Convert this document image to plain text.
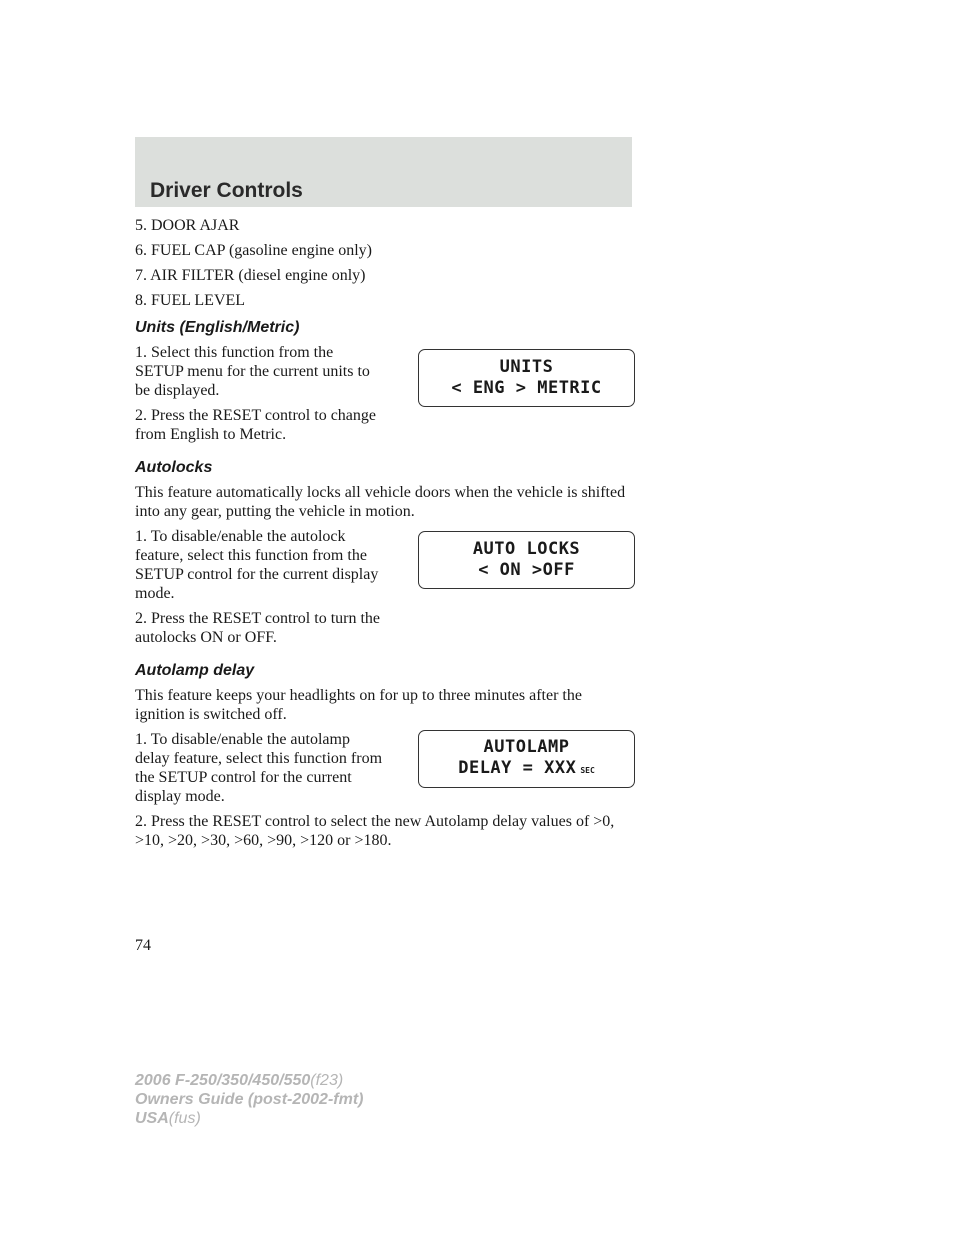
Driver Controls

5. DOOR AJAR

6. FUEL CAP (gasoline engine only)

7. AIR FILTER (diesel engine only)

8. FUEL LEVEL

Units (English/Metric)

1. Select this function from the SETUP menu for the current units to be displayed.

2. Press the RESET control to change from English to Metric.

UNITS
< ENG > METRIC

Autolocks

This feature automatically locks all vehicle doors when the vehicle is shifted into any gear, putting the vehicle in motion.

1. To disable/enable the autolock feature, select this function from the SETUP control for the current display mode.

2. Press the RESET control to turn the autolocks ON or OFF.

AUTO LOCKS
< ON >OFF

Autolamp delay

This feature keeps your headlights on for up to three minutes after the ignition is switched off.

1. To disable/enable the autolamp delay feature, select this function from the SETUP control for the current display mode.

AUTOLAMP
DELAY = XXX SEC

2. Press the RESET control to select the new Autolamp delay values of >0, >10, >20, >30, >60, >90, >120 or >180.

74
2006 F-250/350/450/550(f23)
Owners Guide (post-2002-fmt)
USA(fus)
